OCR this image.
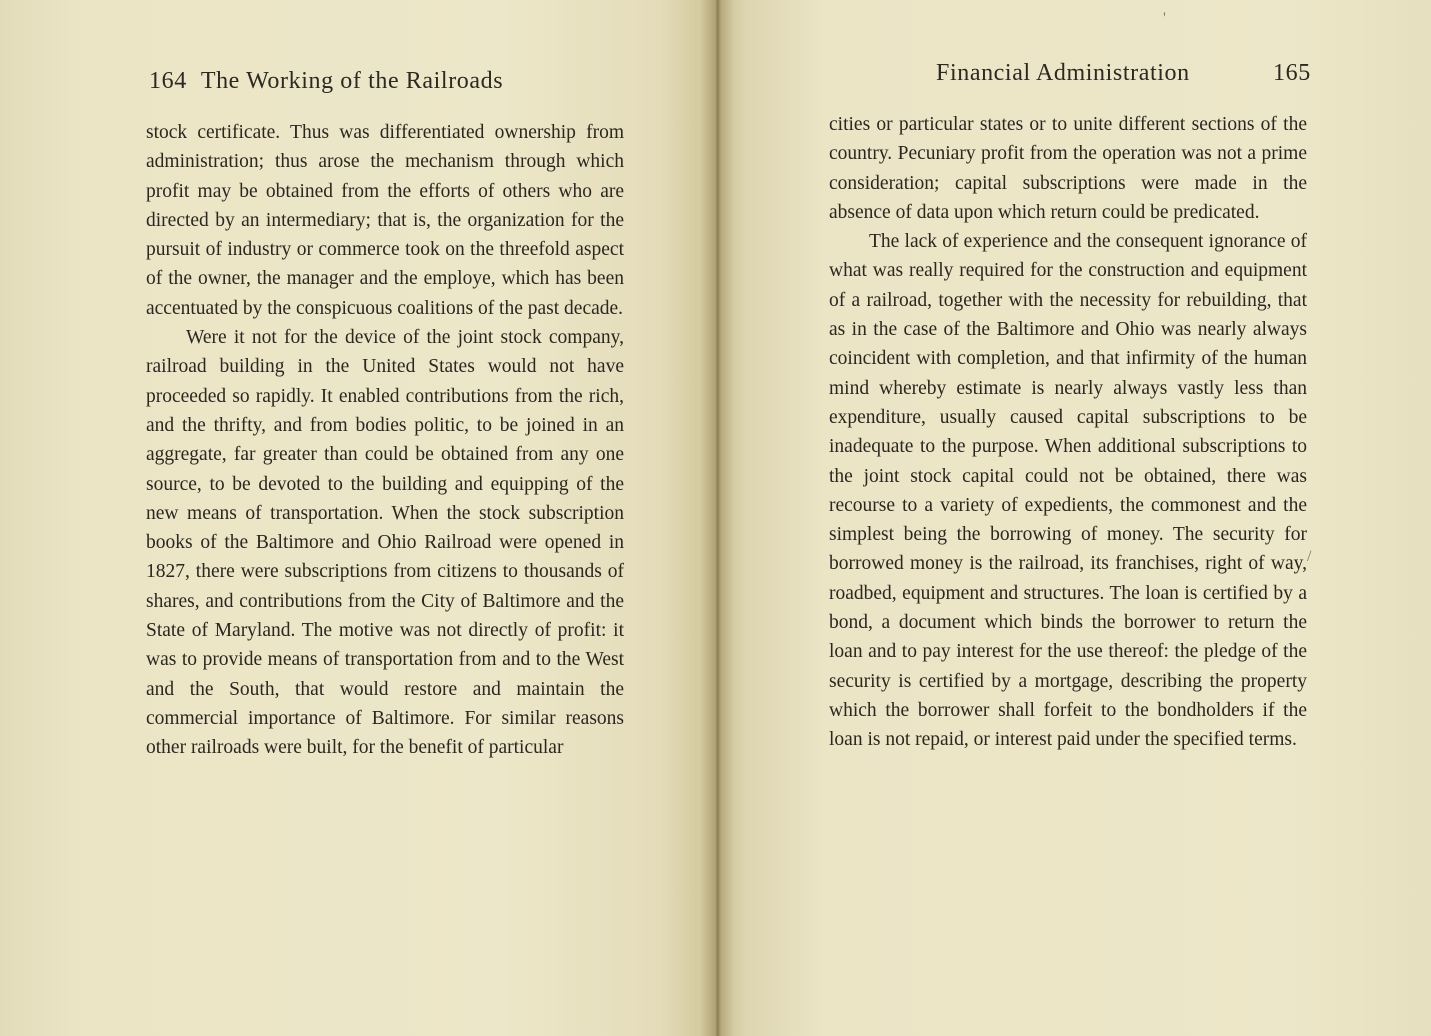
164 The Working of the Railroads	Financial Administration	165

stock certificate. Thus was differentiated ownership from administration; thus arose the mechanism through which profit may be obtained from the efforts of others who are directed by an intermediary; that is, the organization for the pursuit of industry or commerce took on the threefold aspect of the owner, the manager and the employe, which has been accentuated by the conspicuous coalitions of the past decade.

Were it not for the device of the joint stock company, railroad building in the United States would not have proceeded so rapidly. It enabled contributions from the rich, and the thrifty, and from bodies politic, to be joined in an aggregate, far greater than could be obtained from any one source, to be devoted to the building and equipping of the new means of transportation. When the stock subscription books of the Baltimore and Ohio Railroad were opened in 1827, there were subscriptions from citizens to thousands of shares, and contributions from the City of Baltimore and the State of Maryland. The motive was not directly of profit: it was to provide means of transportation from and to the West and the South, that would restore and maintain the commercial importance of Baltimore. For similar reasons other railroads were built, for the benefit of particular

cities or particular states or to unite different sections of the country. Pecuniary profit from the operation was not a prime consideration; capital subscriptions were made in the absence of data upon which return could be predicated.

The lack of experience and the consequent ignorance of what was really required for the construction and equipment of a railroad, together with the necessity for rebuilding, that as in the case of the Baltimore and Ohio was nearly always coincident with completion, and that infirmity of the human mind whereby estimate is nearly always vastly less than expenditure, usually caused capital subscriptions to be inadequate to the purpose. When additional subscriptions to the joint stock capital could not be obtained, there was recourse to a variety of expedients, the commonest and the simplest being the borrowing of money. The security for borrowed money is the railroad, its franchises, right of way, roadbed, equipment and structures. The loan is certified by a bond, a document which binds the borrower to return the loan and to pay interest for the use thereof: the pledge of the security is certified by a mortgage, describing the property which the borrower shall forfeit to the bondholders if the loan is not repaid, or interest paid under the specified terms.

/
'
